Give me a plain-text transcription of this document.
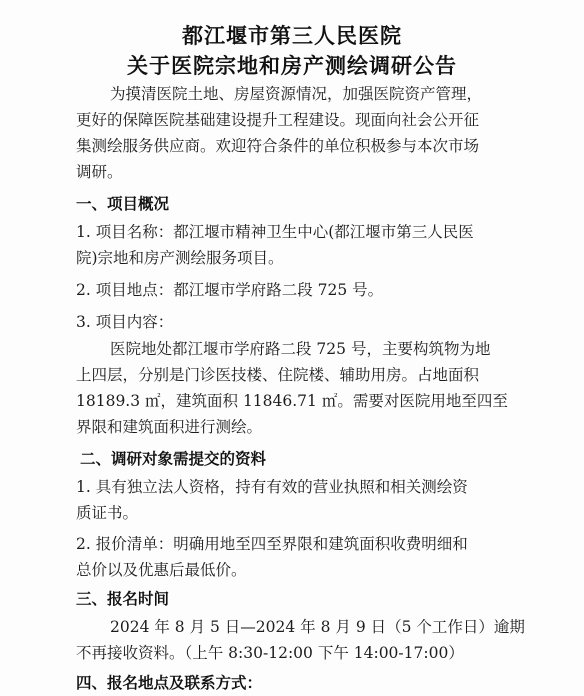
都江堰市第三人民医院
关于医院宗地和房产测绘调研公告
为摸清医院土地、房屋资源情况，加强医院资产管理，
更好的保障医院基础建设提升工程建设。现面向社会公开征
集测绘服务供应商。欢迎符合条件的单位积极参与本次市场
调研。
一、项目概况
1. 项目名称：都江堰市精神卫生中心(都江堰市第三人民医
院)宗地和房产测绘服务项目。
2. 项目地点：都江堰市学府路二段 725 号。
3. 项目内容：
医院地处都江堰市学府路二段 725 号，主要构筑物为地
上四层，分别是门诊医技楼、住院楼、辅助用房。占地面积
18189.3 ㎡，建筑面积 11846.71 ㎡。需要对医院用地至四至
界限和建筑面积进行测绘。
二、调研对象需提交的资料
1. 具有独立法人资格，持有有效的营业执照和相关测绘资
质证书。
2. 报价清单：明确用地至四至界限和建筑面积收费明细和
总价以及优惠后最低价。
三、报名时间
2024 年 8 月 5 日—2024 年 8 月 9 日（5 个工作日）逾期
不再接收资料。（上午 8:30-12:00 下午 14:00-17:00）
四、报名地点及联系方式：
